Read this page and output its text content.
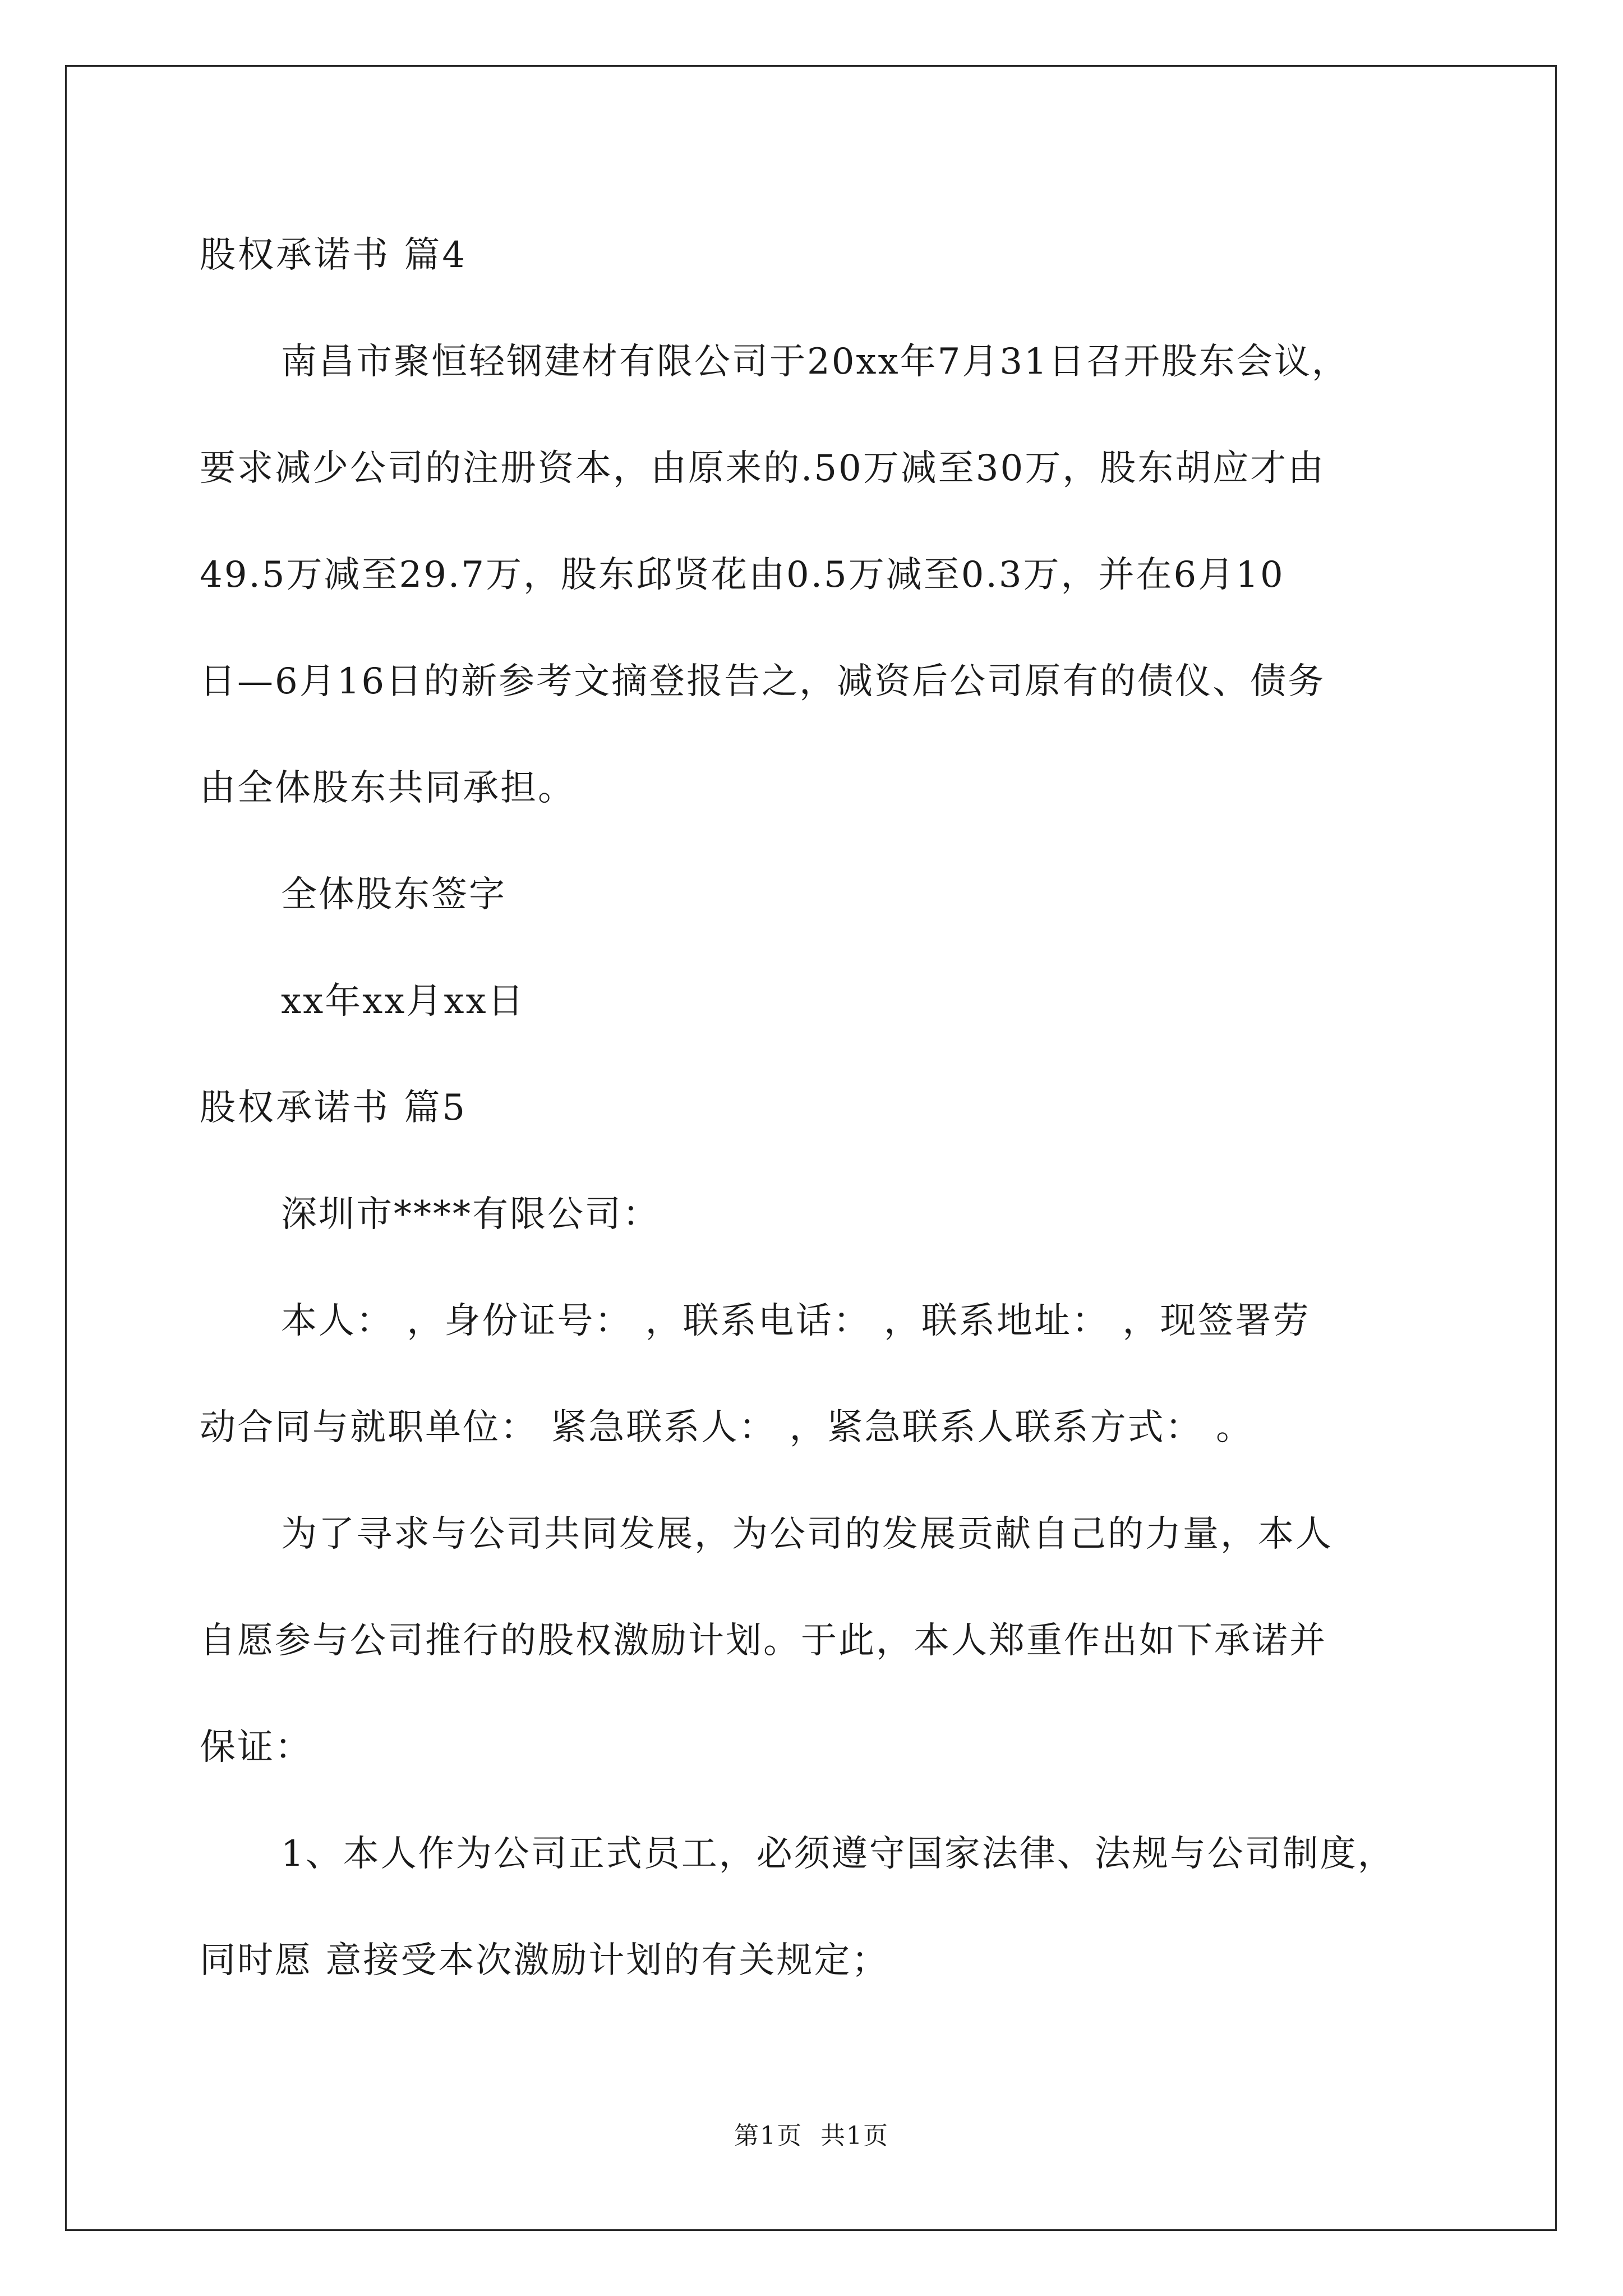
股权承诺书 篇4
南昌市聚恒轻钢建材有限公司于20xx年7月31日召开股东会议，
要求减少公司的注册资本，由原来的.50万减至30万，股东胡应才由
49.5万减至29.7万，股东邱贤花由0.5万减至0.3万，并在6月10
日—6月16日的新参考文摘登报告之，减资后公司原有的债仪、债务
由全体股东共同承担。
全体股东签字
xx年xx月xx日
股权承诺书 篇5
深圳市****有限公司：
本人： ，身份证号： ，联系电话： ，联系地址： ，现签署劳
动合同与就职单位： 紧急联系人： ，紧急联系人联系方式： 。
为了寻求与公司共同发展，为公司的发展贡献自己的力量，本人
自愿参与公司推行的股权激励计划。于此，本人郑重作出如下承诺并
保证：
1、本人作为公司正式员工，必须遵守国家法律、法规与公司制度，
同时愿 意接受本次激励计划的有关规定；
第1页  共1页
